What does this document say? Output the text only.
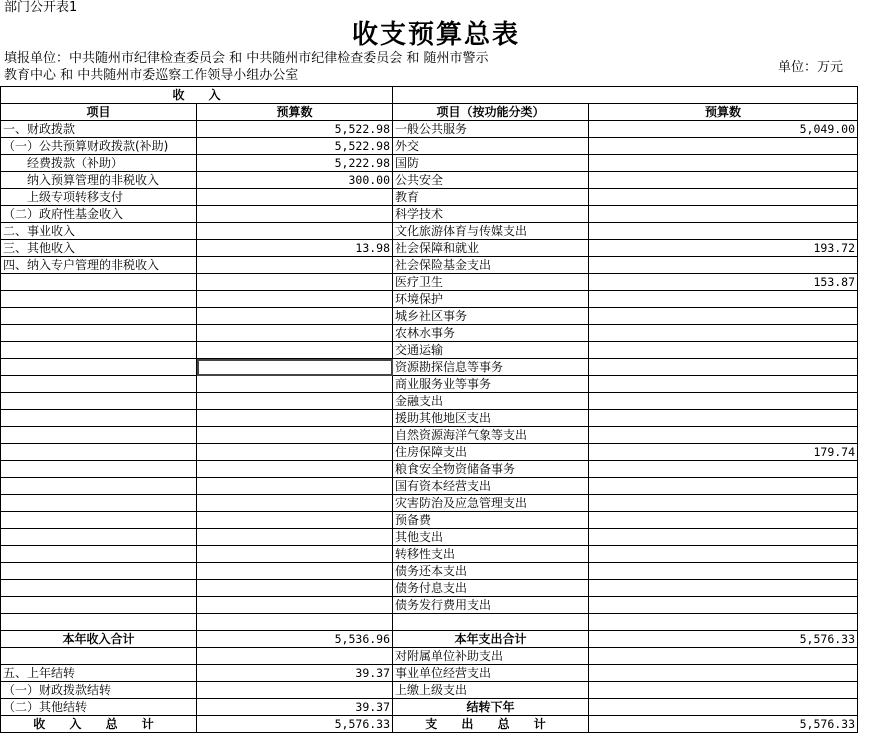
部门公开表1
收支预算总表
填报单位：中共随州市纪律检查委员会 和 中共随州市纪律检查委员会 和 随州市警示
教育中心 和 中共随州市委巡察工作领导小组办公室
单位：万元
收　　入			
项目	预算数	项目（按功能分类）	预算数
一、财政拨款	5,522.98	一般公共服务	5,049.00
（一）公共预算财政拨款(补助)	5,522.98	外交	
　　经费拨款（补助）	5,222.98	国防	
　　纳入预算管理的非税收入	300.00	公共安全	
　　上级专项转移支付		教育	
（二）政府性基金收入		科学技术	
二、事业收入		文化旅游体育与传媒支出	
三、其他收入	13.98	社会保障和就业	193.72
四、纳入专户管理的非税收入		社会保险基金支出	
		医疗卫生	153.87
		环境保护	
		城乡社区事务	
		农林水事务	
		交通运输	
		资源勘探信息等事务	
		商业服务业等事务	
		金融支出	
		援助其他地区支出	
		自然资源海洋气象等支出	
		住房保障支出	179.74
		粮食安全物资储备事务	
		国有资本经营支出	
		灾害防治及应急管理支出	
		预备费	
		其他支出	
		转移性支出	
		债务还本支出	
		债务付息支出	
		债务发行费用支出	

本年收入合计	5,536.96	本年支出合计	5,576.33
		对附属单位补助支出	
五、上年结转	39.37	事业单位经营支出	
（一）财政拨款结转		上缴上级支出	
（二）其他结转	39.37	结转下年	
收 入 总 计	5,576.33	支 出 总 计	5,576.33
